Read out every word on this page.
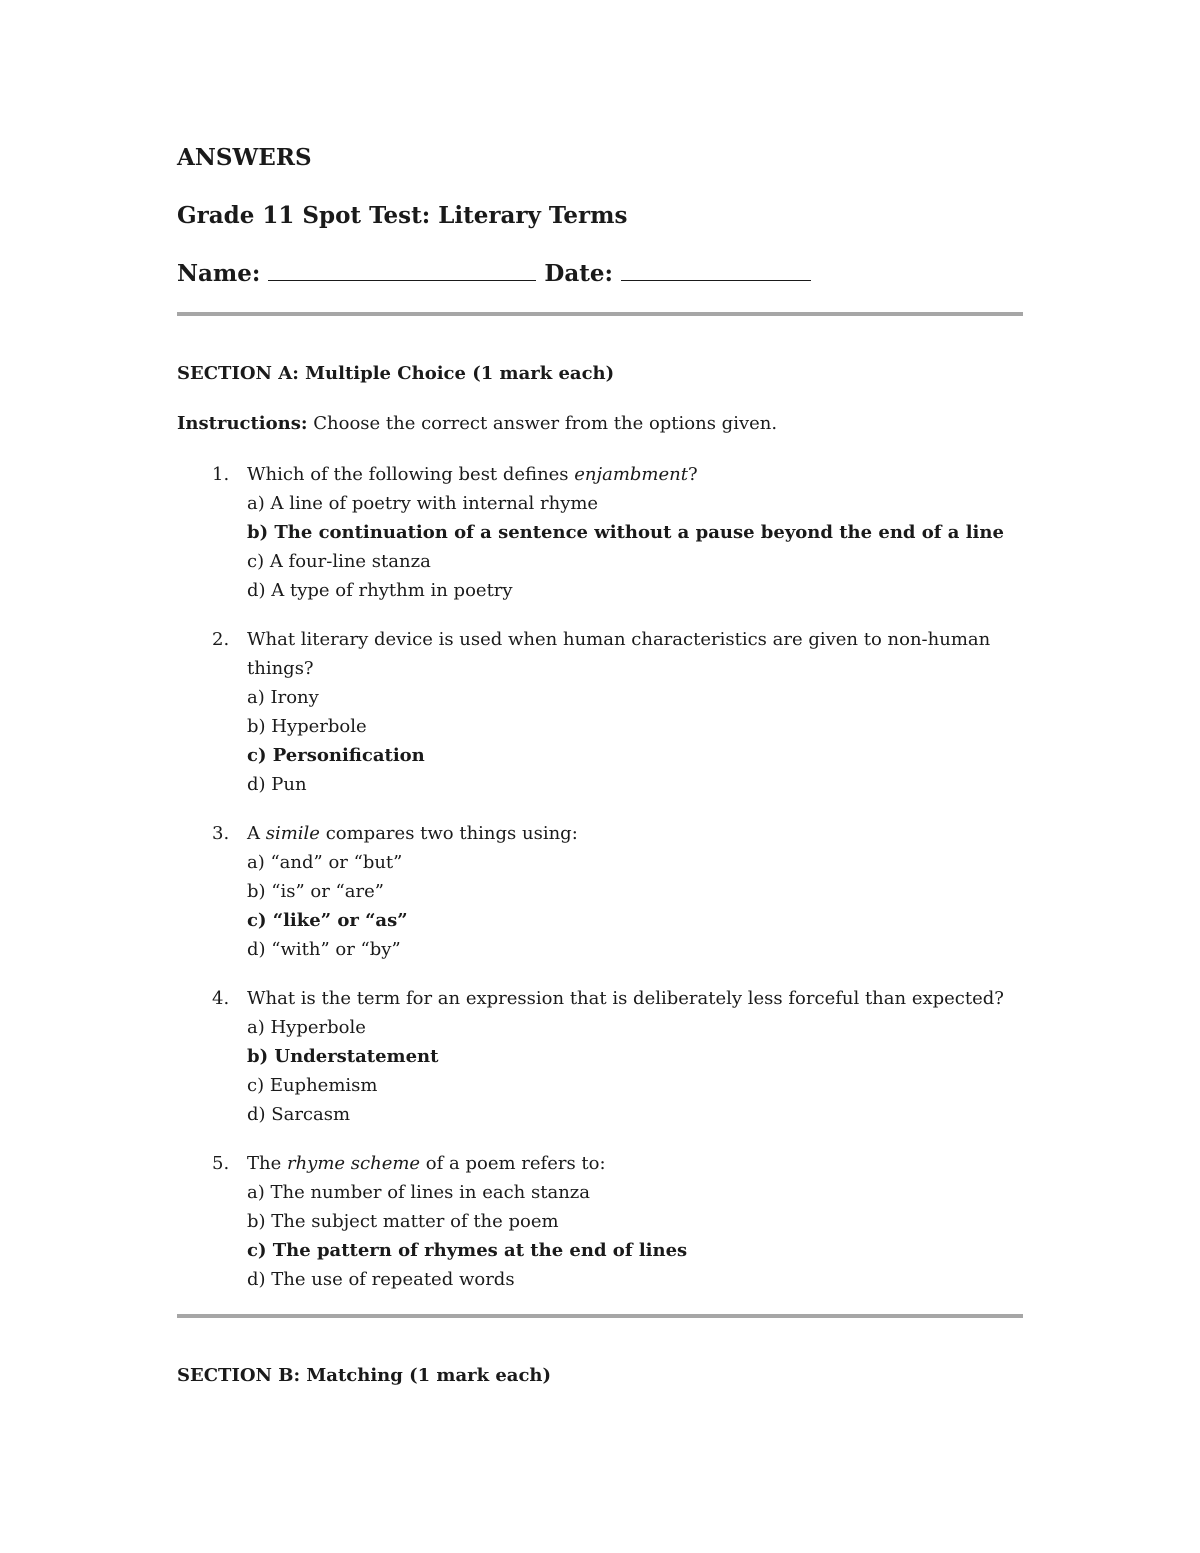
ANSWERS
Grade 11 Spot Test: Literary Terms
Name:	Date:
SECTION A: Multiple Choice (1 mark each)
Instructions: Choose the correct answer from the options given.
1. Which of the following best defines enjambment?
a) A line of poetry with internal rhyme
b) The continuation of a sentence without a pause beyond the end of a line
c) A four-line stanza
d) A type of rhythm in poetry
2. What literary device is used when human characteristics are given to non-human things?
a) Irony
b) Hyperbole
c) Personification
d) Pun
3. A simile compares two things using:
a) “and” or “but”
b) “is” or “are”
c) “like” or “as”
d) “with” or “by”
4. What is the term for an expression that is deliberately less forceful than expected?
a) Hyperbole
b) Understatement
c) Euphemism
d) Sarcasm
5. The rhyme scheme of a poem refers to:
a) The number of lines in each stanza
b) The subject matter of the poem
c) The pattern of rhymes at the end of lines
d) The use of repeated words
SECTION B: Matching (1 mark each)
